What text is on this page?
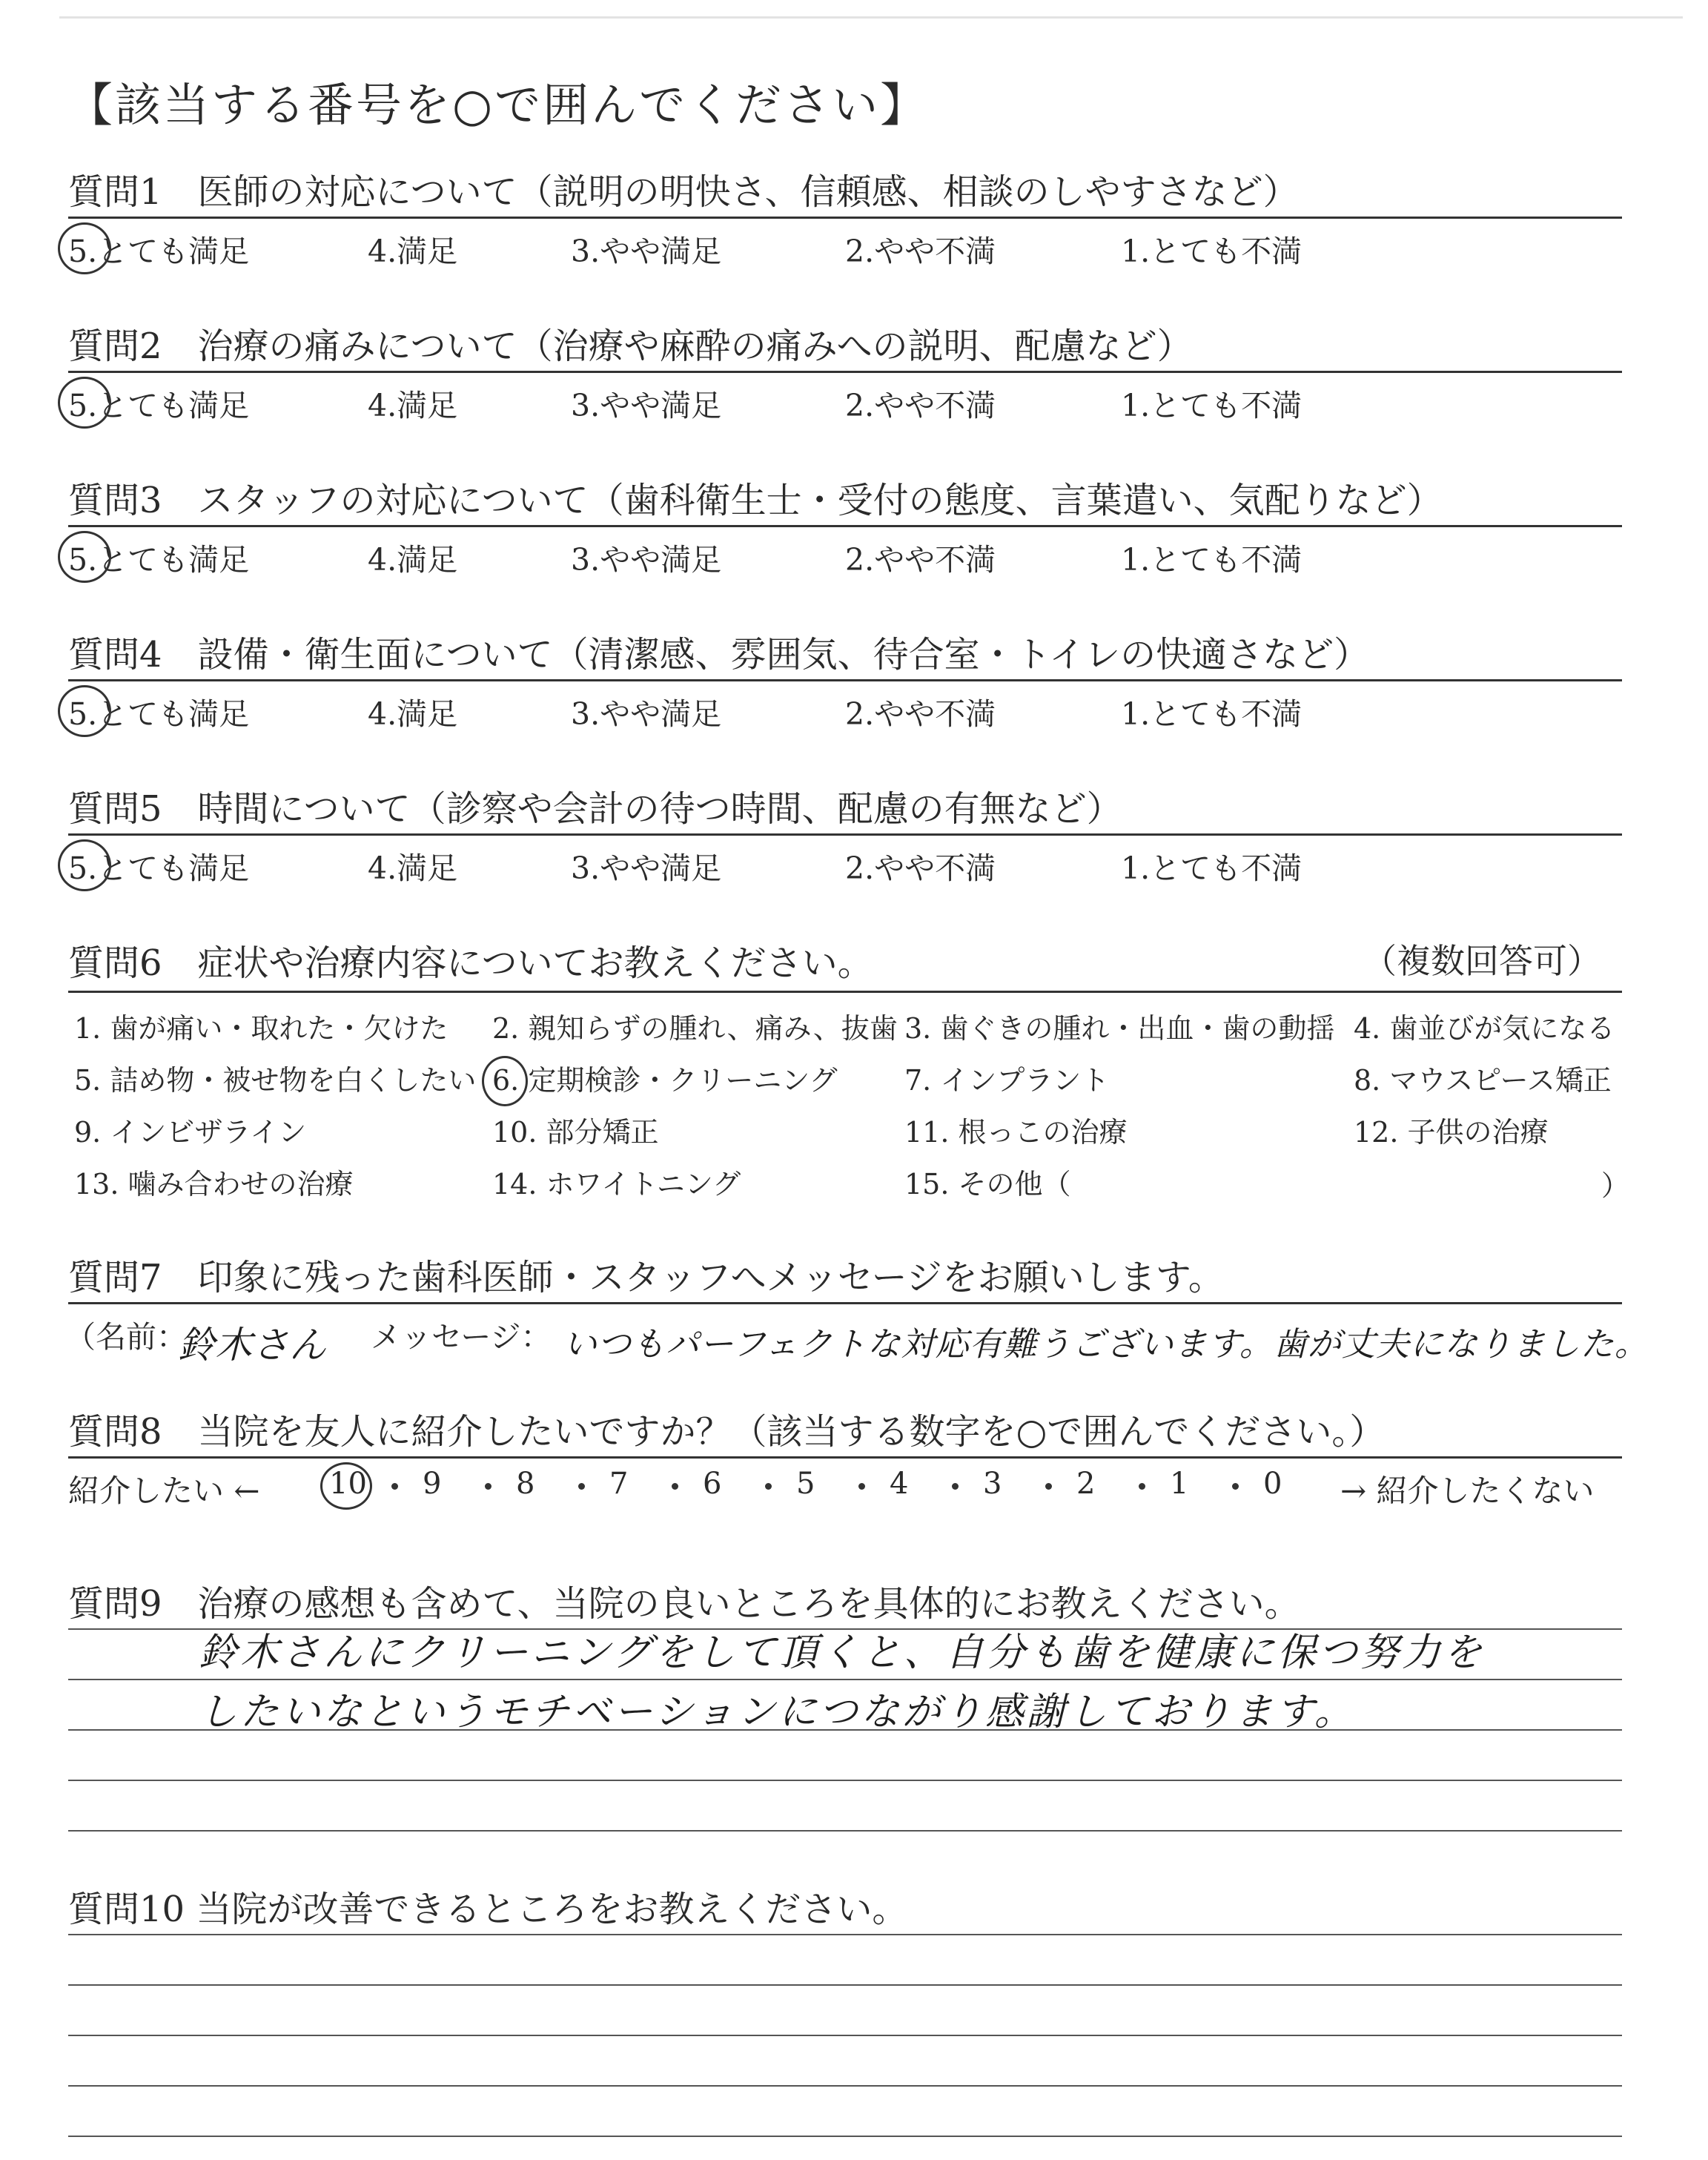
【該当する番号を○で囲んでください】
質問1　医師の対応について（説明の明快さ、信頼感、相談のしやすさなど）
5.とても満足	4.満足	3.やや満足	2.やや不満	1.とても不満
質問2　治療の痛みについて（治療や麻酔の痛みへの説明、配慮など）
5.とても満足	4.満足	3.やや満足	2.やや不満	1.とても不満
質問3　スタッフの対応について（歯科衛生士・受付の態度、言葉遣い、気配りなど）
5.とても満足	4.満足	3.やや満足	2.やや不満	1.とても不満
質問4　設備・衛生面について（清潔感、雰囲気、待合室・トイレの快適さなど）
5.とても満足	4.満足	3.やや満足	2.やや不満	1.とても不満
質問5　時間について（診察や会計の待つ時間、配慮の有無など）
5.とても満足	4.満足	3.やや満足	2.やや不満	1.とても不満
質問6　症状や治療内容についてお教えください。	（複数回答可）
1. 歯が痛い・取れた・欠けた 2. 親知らずの腫れ、痛み、抜歯 3. 歯ぐきの腫れ・出血・歯の動揺 4. 歯並びが気になる
5. 詰め物・被せ物を白くしたい 6. 定期検診・クリーニング 7. インプラント	8. マウスピース矯正
9. インビザライン	10. 部分矯正	11. 根っこの治療	12. 子供の治療
13. 噛み合わせの治療	14. ホワイトニング	15. その他（	）
質問7　印象に残った歯科医師・スタッフへメッセージをお願いします。
（名前：
鈴木さん メッセージ： いつもパーフェクトな対応有難うございます。歯が丈夫になりました。
質問8　当院を友人に紹介したいですか？（該当する数字を○で囲んでください。）
紹介したい ←	→ 紹介したくない
10 9	8	7	6	5	4	3	2	1	0
質問9　治療の感想も含めて、当院の良いところを具体的にお教えください。
鈴木さんにクリーニングをして頂くと、自分も歯を健康に保つ努力を
したいなというモチベーションにつながり感謝しております。
質問10 当院が改善できるところをお教えください。
